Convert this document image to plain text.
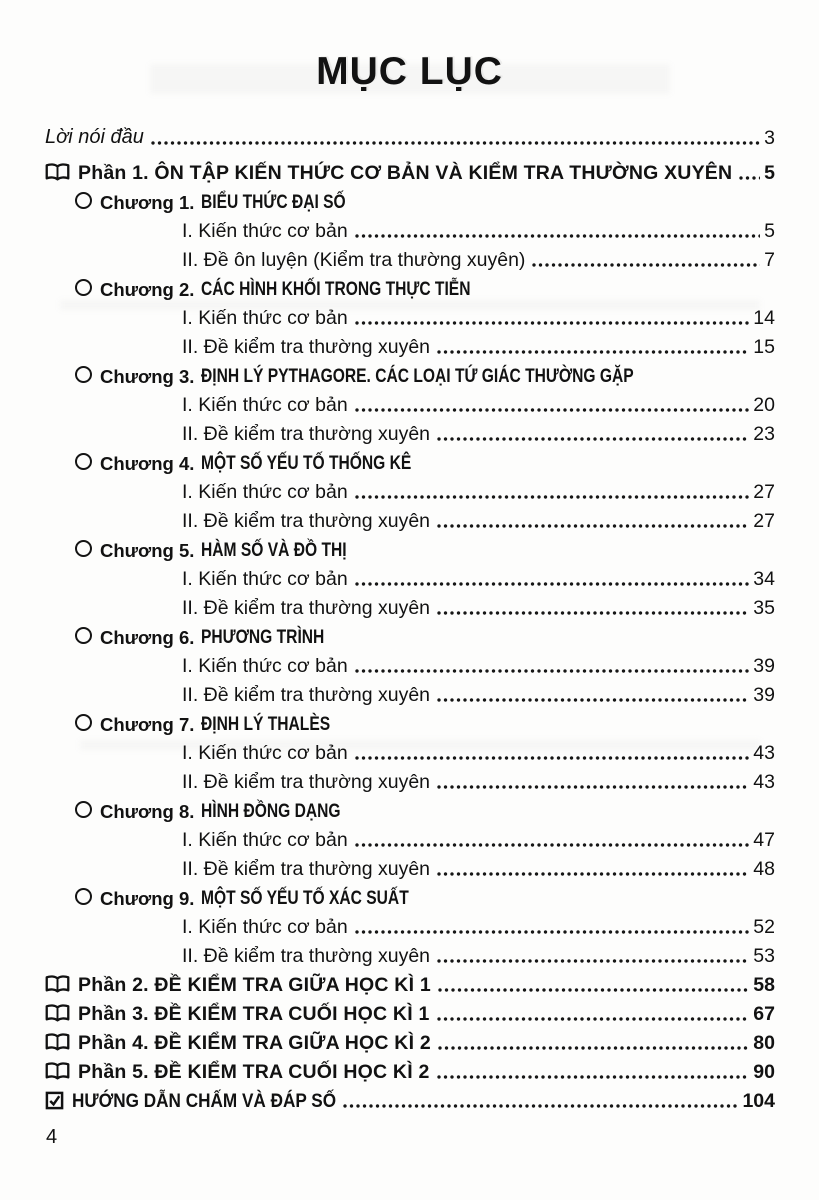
MỤC LỤC
Lời nói đầu	3
Phần 1. ÔN TẬP KIẾN THỨC CƠ BẢN VÀ KIỂM TRA THƯỜNG XUYÊN 5
Chương 1. BIỂU THỨC ĐẠI SỐ
I. Kiến thức cơ bản	5
II. Đề ôn luyện (Kiểm tra thường xuyên)	7
Chương 2. CÁC HÌNH KHỐI TRONG THỰC TIỄN
I. Kiến thức cơ bản	14
II. Đề kiểm tra thường xuyên	15
Chương 3. ĐỊNH LÝ PYTHAGORE. CÁC LOẠI TỨ GIÁC THƯỜNG GẶP
I. Kiến thức cơ bản	20
II. Đề kiểm tra thường xuyên	23
Chương 4. MỘT SỐ YẾU TỐ THỐNG KÊ
I. Kiến thức cơ bản	27
II. Đề kiểm tra thường xuyên	27
Chương 5. HÀM SỐ VÀ ĐỒ THỊ
I. Kiến thức cơ bản	34
II. Đề kiểm tra thường xuyên	35
Chương 6. PHƯƠNG TRÌNH
I. Kiến thức cơ bản	39
II. Đề kiểm tra thường xuyên	39
Chương 7. ĐỊNH LÝ THALÈS
I. Kiến thức cơ bản	43
II. Đề kiểm tra thường xuyên	43
Chương 8. HÌNH ĐỒNG DẠNG
I. Kiến thức cơ bản	47
II. Đề kiểm tra thường xuyên	48
Chương 9. MỘT SỐ YẾU TỐ XÁC SUẤT
I. Kiến thức cơ bản	52
II. Đề kiểm tra thường xuyên	53
Phần 2. ĐỀ KIỂM TRA GIỮA HỌC KÌ 1	58
Phần 3. ĐỀ KIỂM TRA CUỐI HỌC KÌ 1	67
Phần 4. ĐỀ KIỂM TRA GIỮA HỌC KÌ 2	80
Phần 5. ĐỀ KIỂM TRA CUỐI HỌC KÌ 2	90
HƯỚNG DẪN CHẤM VÀ ĐÁP SỐ	104
4
